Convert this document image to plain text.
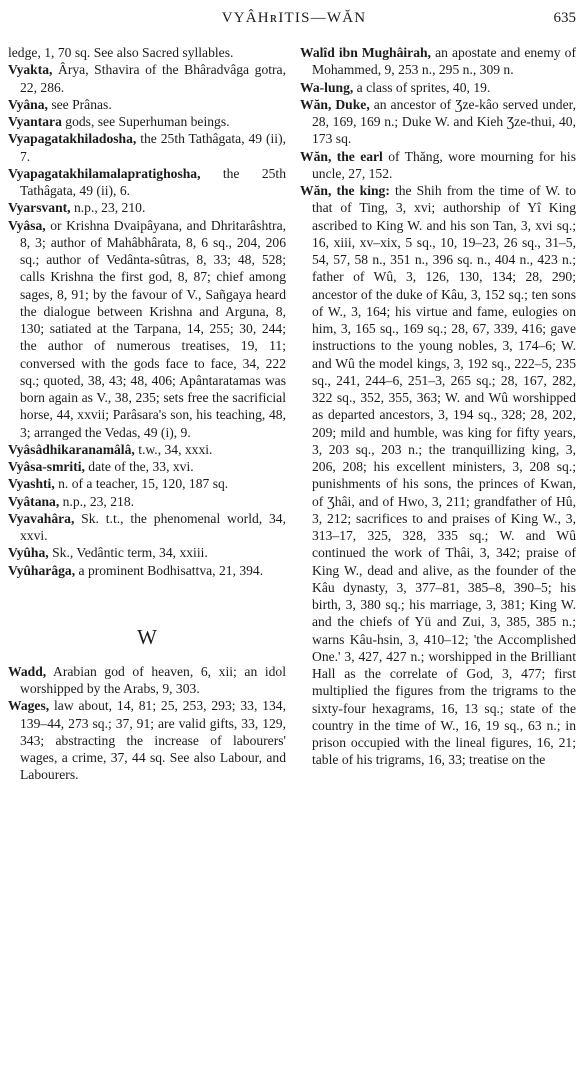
VYÂHʀITIS—WĂN	635

ledge, 1, 70 sq. See also Sacred syllables.

Vyakta, Ârya, Sthavira of the Bhâradvâga gotra, 22, 286.

Vyâna, see Prânas.

Vyantara gods, see Superhuman beings.

Vyapagatakhiladosha, the 25th Tathâgata, 49 (ii), 7.

Vyapagatakhilamalapratighosha, the 25th Tathâgata, 49 (ii), 6.

Vyarsvant, n.p., 23, 210.

Vyâsa, or Krishna Dvaipâyana, and Dhritarâshtra, 8, 3; author of Mahâbhârata, 8, 6 sq., 204, 206 sq.; author of Vedânta-sûtras, 8, 33; 48, 528; calls Krishna the first god, 8, 87; chief among sages, 8, 91; by the favour of V., Sañgaya heard the dialogue between Krishna and Arguna, 8, 130; satiated at the Tarpana, 14, 255; 30, 244; the author of numerous treatises, 19, 11; conversed with the gods face to face, 34, 222 sq.; quoted, 38, 43; 48, 406; Apântaratamas was born again as V., 38, 235; sets free the sacrificial horse, 44, xxvii; Parâsara's son, his teaching, 48, 3; arranged the Vedas, 49 (i), 9.

Vyâsâdhikaranamâlâ, t.w., 34, xxxi.

Vyâsa-smriti, date of the, 33, xvi.

Vyashti, n. of a teacher, 15, 120, 187 sq.

Vyâtana, n.p., 23, 218.

Vyavahâra, Sk. t.t., the phenomenal world, 34, xxvi.

Vyûha, Sk., Vedântic term, 34, xxiii.

Vyûharâga, a prominent Bodhisattva, 21, 394.

W

Wadd, Arabian god of heaven, 6, xii; an idol worshipped by the Arabs, 9, 303.

Wages, law about, 14, 81; 25, 253, 293; 33, 134, 139–44, 273 sq.; 37, 91; are valid gifts, 33, 129, 343; abstracting the increase of labourers' wages, a crime, 37, 44 sq. See also Labour, and Labourers.

Walîd ibn Mughâirah, an apostate and enemy of Mohammed, 9, 253 n., 295 n., 309 n.

Wa-lung, a class of sprites, 40, 19.

Wăn, Duke, an ancestor of Ʒze-kâo served under, 28, 169, 169 n.; Duke W. and Kieh Ʒze-thui, 40, 173 sq.

Wăn, the earl of Thăng, wore mourning for his uncle, 27, 152.

Wăn, the king: the Shih from the time of W. to that of Ting, 3, xvi; authorship of Yî King ascribed to King W. and his son Tan, 3, xvi sq.; 16, xiii, xv–xix, 5 sq., 10, 19–23, 26 sq., 31–5, 54, 57, 58 n., 351 n., 396 sq. n., 404 n., 423 n.; father of Wû, 3, 126, 130, 134; 28, 290; ancestor of the duke of Kâu, 3, 152 sq.; ten sons of W., 3, 164; his virtue and fame, eulogies on him, 3, 165 sq., 169 sq.; 28, 67, 339, 416; gave instructions to the young nobles, 3, 174–6; W. and Wû the model kings, 3, 192 sq., 222–5, 235 sq., 241, 244–6, 251–3, 265 sq.; 28, 167, 282, 322 sq., 352, 355, 363; W. and Wû worshipped as departed ancestors, 3, 194 sq., 328; 28, 202, 209; mild and humble, was king for fifty years, 3, 203 sq., 203 n.; the tranquillizing king, 3, 206, 208; his excellent ministers, 3, 208 sq.; punishments of his sons, the princes of Kwan, of Ʒhâi, and of Hwo, 3, 211; grandfather of Hû, 3, 212; sacrifices to and praises of King W., 3, 313–17, 325, 328, 335 sq.; W. and Wû continued the work of Thâi, 3, 342; praise of King W., dead and alive, as the founder of the Kâu dynasty, 3, 377–81, 385–8, 390–5; his birth, 3, 380 sq.; his marriage, 3, 381; King W. and the chiefs of Yü and Zui, 3, 385, 385 n.; warns Kâu-hsin, 3, 410–12; 'the Accomplished One.' 3, 427, 427 n.; worshipped in the Brilliant Hall as the correlate of God, 3, 477; first multiplied the figures from the trigrams to the sixty-four hexagrams, 16, 13 sq.; state of the country in the time of W., 16, 19 sq., 63 n.; in prison occupied with the lineal figures, 16, 21; table of his trigrams, 16, 33; treatise on the
